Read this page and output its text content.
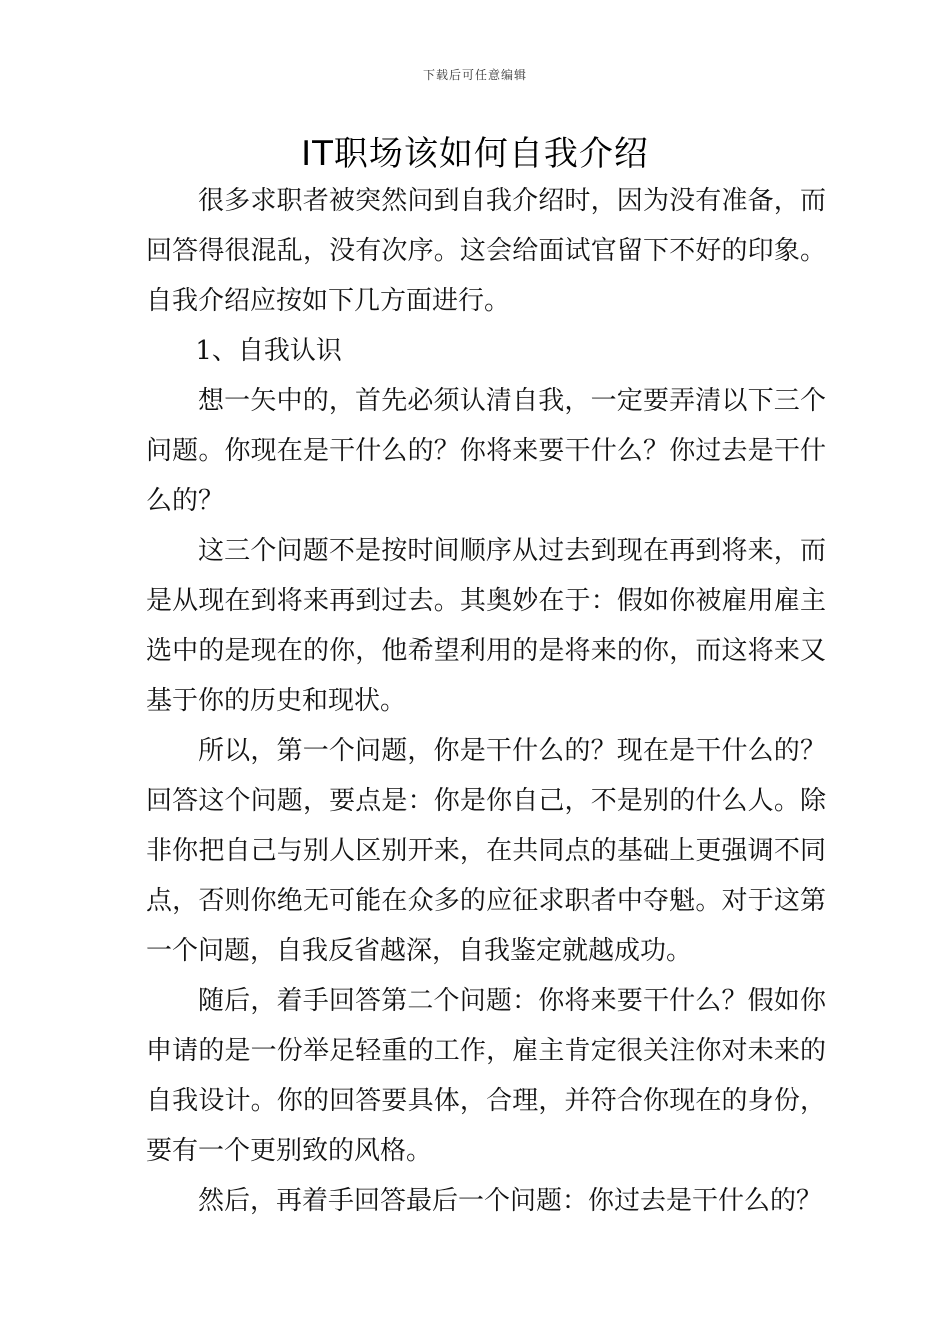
下载后可任意编辑
IT职场该如何自我介绍

很多求职者被突然问到自我介绍时，因为没有准备，而回答得很混乱，没有次序。这会给面试官留下不好的印象。自我介绍应按如下几方面进行。

1、自我认识

想一矢中的，首先必须认清自我，一定要弄清以下三个问题。你现在是干什么的？你将来要干什么？你过去是干什么的？

这三个问题不是按时间顺序从过去到现在再到将来，而是从现在到将来再到过去。其奥妙在于：假如你被雇用雇主选中的是现在的你，他希望利用的是将来的你，而这将来又基于你的历史和现状。

所以，第一个问题，你是干什么的？现在是干什么的？回答这个问题，要点是：你是你自己，不是别的什么人。除非你把自己与别人区别开来，在共同点的基础上更强调不同点，否则你绝无可能在众多的应征求职者中夺魁。对于这第一个问题，自我反省越深，自我鉴定就越成功。

随后，着手回答第二个问题：你将来要干什么？假如你申请的是一份举足轻重的工作，雇主肯定很关注你对未来的自我设计。你的回答要具体，合理，并符合你现在的身份，要有一个更别致的风格。

然后，再着手回答最后一个问题：你过去是干什么的？
